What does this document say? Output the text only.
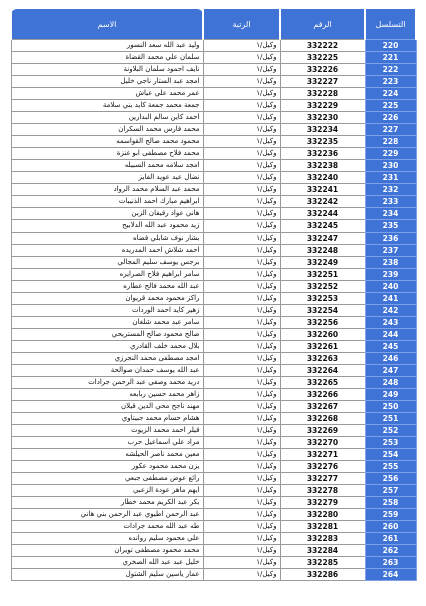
التسلسل	الرقم	الرتبة	الاسم
220	332222	وكيل/١	وليد عبد الله سعد النسور
221	332225	وكيل/١	سلمان علي محمد القضاة
222	332226	وكيل/١	نايف احمود سلمان البلاونة
223	332227	وكيل/١	امجد عبد الستار ناجي خليل
224	332228	وكيل/١	عمر محمد علي عياش
225	332229	وكيل/١	جمعة محمد جمعة كايد بني سلامة
226	332230	وكيل/١	احمد كاين سالم البدارين
227	332234	وكيل/١	محمد فارس محمد السكران
228	332235	وكيل/١	محمود محمد صالح القواسمه
229	332236	وكيل/١	محمد فلاح مصطفى ابو غنزة
230	332238	وكيل/١	امجد سلامه محمد السبيله
231	332240	وكيل/١	نضال عيد عويد الفايز
232	332241	وكيل/١	محمد عبد السلام محمد الرواد
233	332242	وكيل/١	ابراهيم مبارك احمد الذنيبات
234	332244	وكيل/١	هاني عواد رفيفان الزبن
235	332245	وكيل/١	زيد محمود عبد الله الدلابيح
236	332247	وكيل/١	بشار نوف شابلي قضاه
237	332248	وكيل/١	احمد شلاش احمد المدريده
238	332249	وكيل/١	برجس يوسف سليم المجالي
239	332251	وكيل/١	سامر ابراهيم فلاح الصرايره
240	332252	وكيل/١	عبد الله محمد فالح عطاره
241	332253	وكيل/١	راكز محمود محمد قريوان
242	332254	وكيل/١	زهير كايد احمد الوردات
243	332256	وكيل/١	سامر عبد محمد شلغان
244	332260	وكيل/١	صالح محمود صالح المستريحي
245	332261	وكيل/١	بلال محمد خلف القادري
246	332263	وكيل/١	امجد مصطفى محمد النجرزي
247	332264	وكيل/١	عبد الله يوسف حمدان صوالحة
248	332265	وكيل/١	دريد محمد وصفي عبد الرحمن جرادات
249	332266	وكيل/١	زاهر محمد حسين ربابعه
250	332267	وكيل/١	مهند ناجح محي الدين قيلان
251	332268	وكيل/١	هشام حسام محمد جبيتاوي
252	332269	وكيل/١	قيلر احمد محمد الزيوت
253	332270	وكيل/١	مراد علي اسماعيل حرب
254	332271	وكيل/١	معين محمد ناصر الحيلشه
255	332276	وكيل/١	يزن محمد محمود عكور
256	332277	وكيل/١	رائع عوض مصطفى جبعي
257	332278	وكيل/١	ايهم ماهر عودة الزعبي
258	332279	وكيل/١	بكر عبد الكريم محمد خطار
259	332280	وكيل/١	عبد الرحمن اطيوي عبد الرحمن بني هاني
260	332281	وكيل/١	طه عبد الله محمد جرادات
261	332283	وكيل/١	علي محمود سليم روانده
262	332284	وكيل/١	محمد محمود مصطفى تويران
263	332285	وكيل/١	خليل عبد عبد الله الصخري
264	332286	وكيل/١	عمار ياسين سليم الشتول
